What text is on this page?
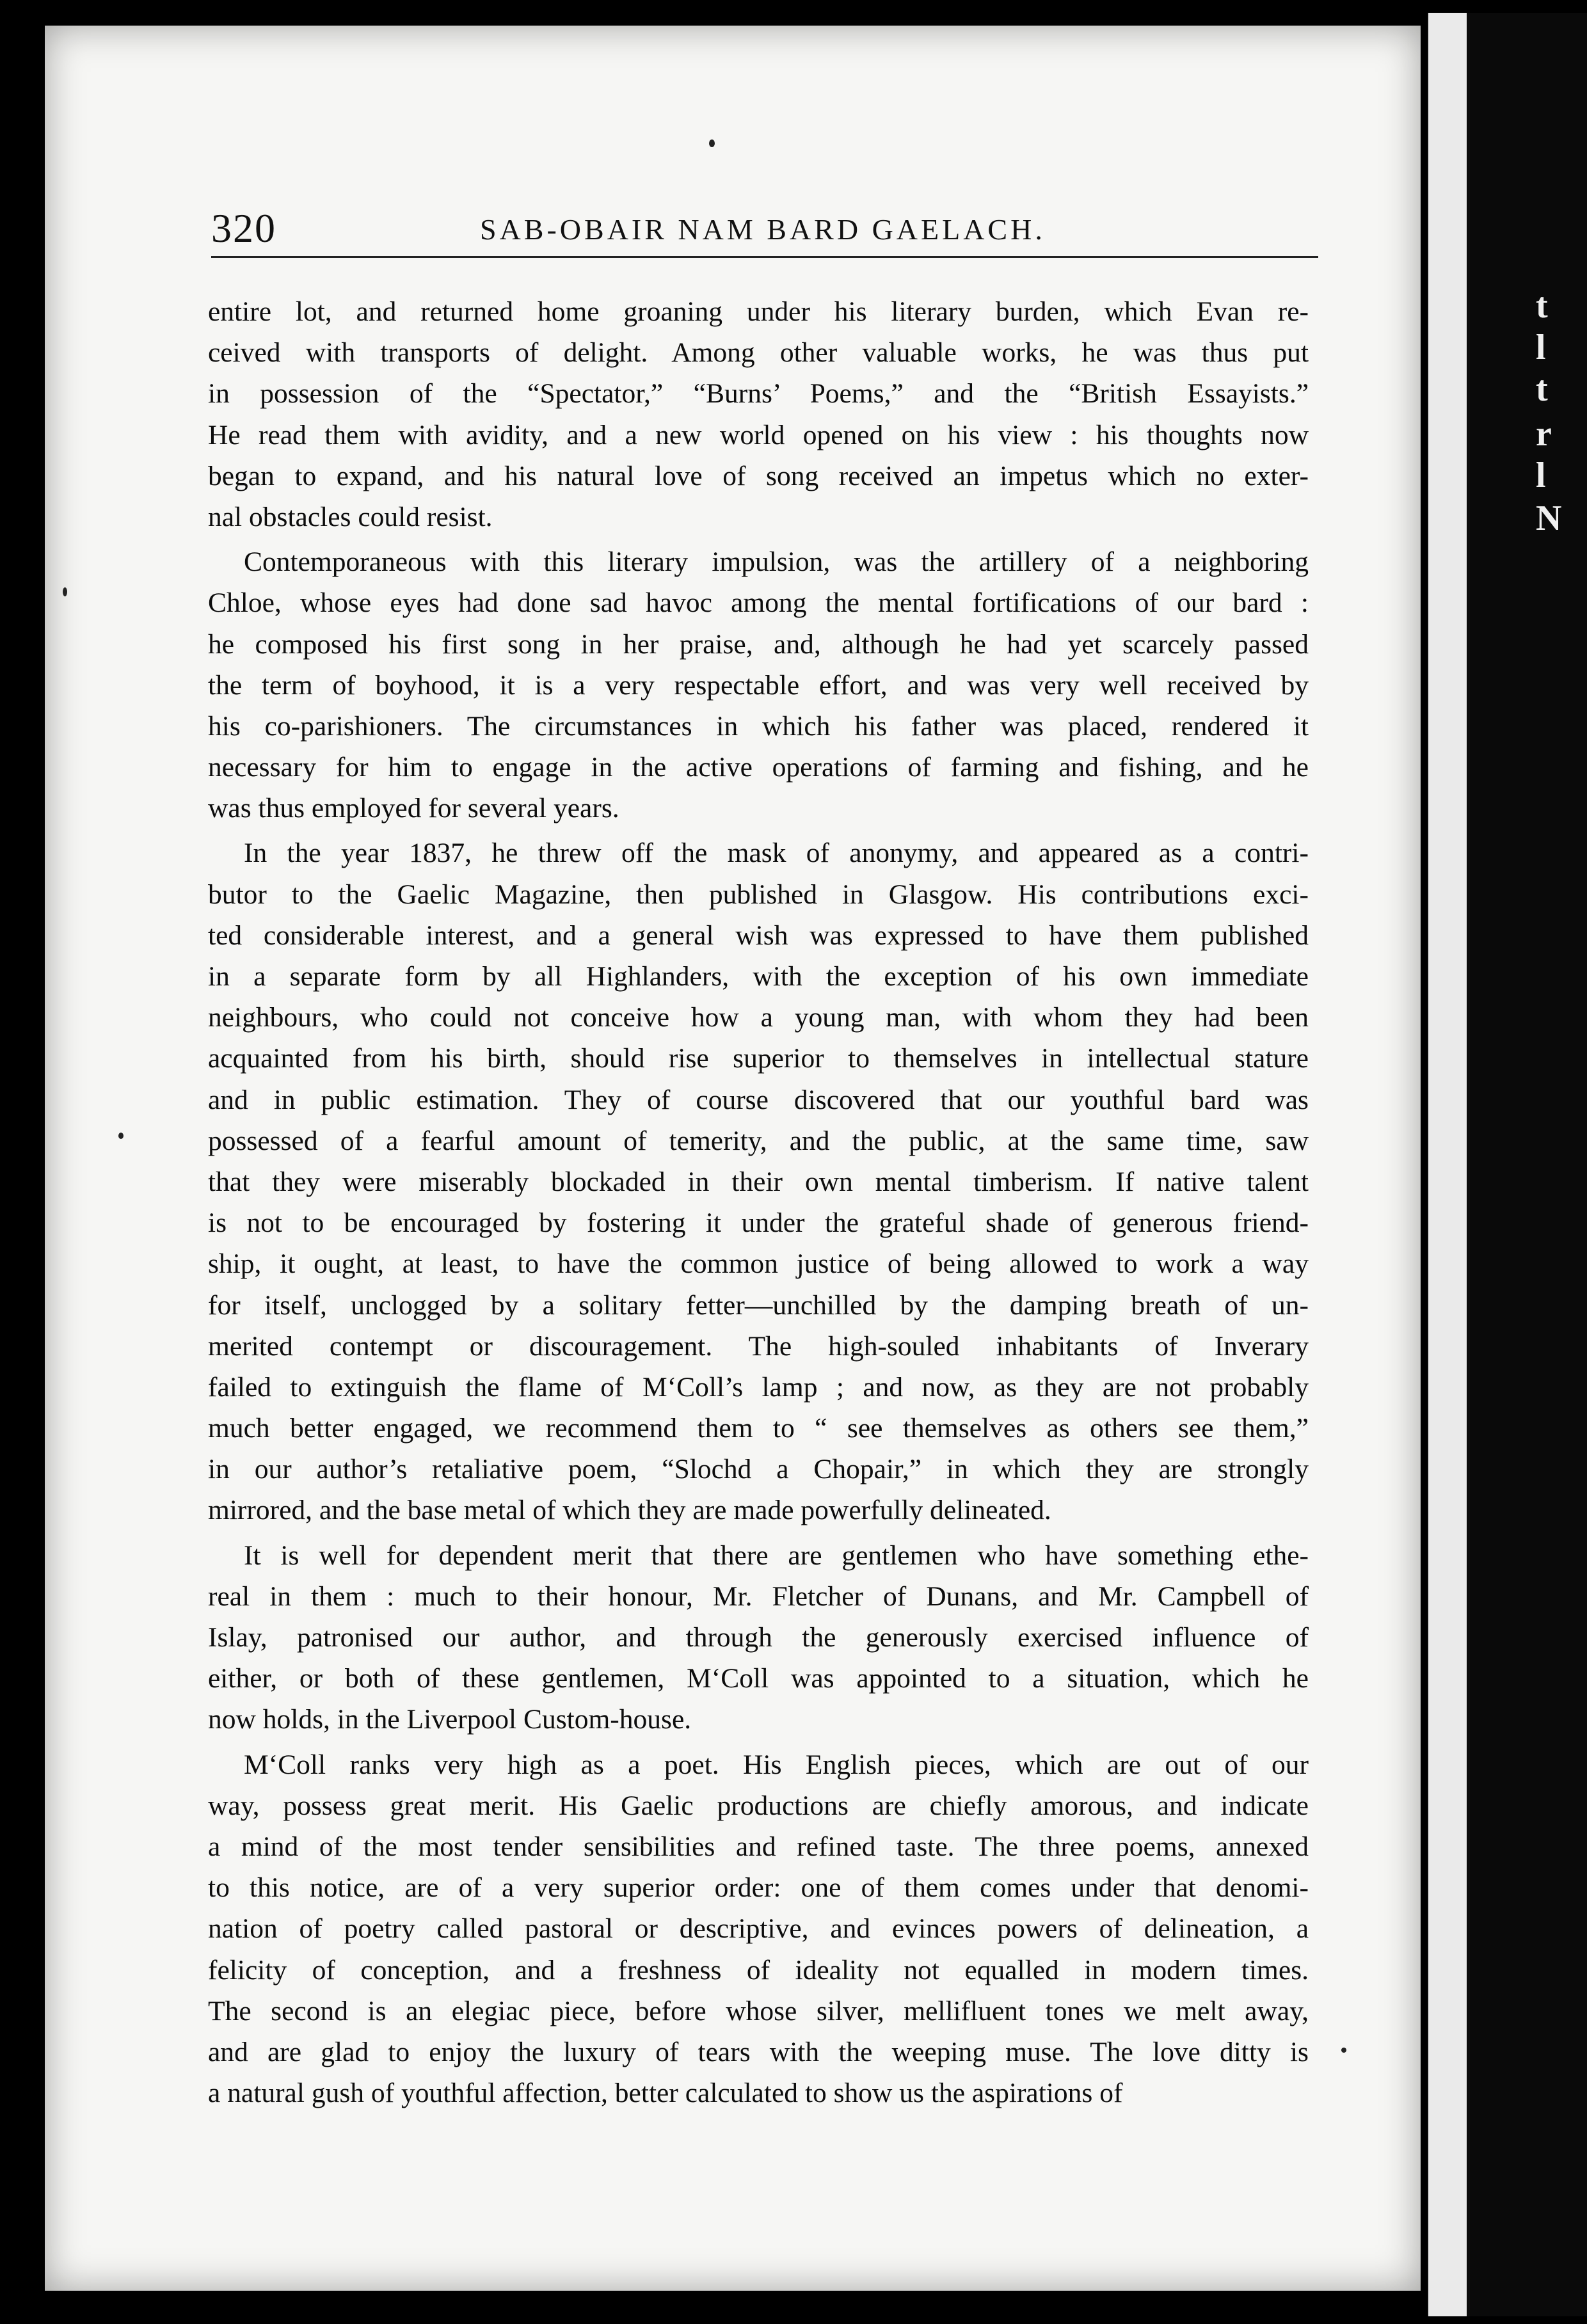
t
l
t
r
l
N
320	SAB-OBAIR NAM BARD GAELACH.
entire lot, and returned home groaning under his literary burden, which Evan re-
ceived with transports of delight. Among other valuable works, he was thus put
in possession of the “Spectator,” “Burns’ Poems,” and the “British Essayists.”
He read them with avidity, and a new world opened on his view : his thoughts now
began to expand, and his natural love of song received an impetus which no exter-
nal obstacles could resist.
Contemporaneous with this literary impulsion, was the artillery of a neighboring
Chloe, whose eyes had done sad havoc among the mental fortifications of our bard :
he composed his first song in her praise, and, although he had yet scarcely passed
the term of boyhood, it is a very respectable effort, and was very well received by
his co-parishioners. The circumstances in which his father was placed, rendered it
necessary for him to engage in the active operations of farming and fishing, and he
was thus employed for several years.
In the year 1837, he threw off the mask of anonymy, and appeared as a contri-
butor to the Gaelic Magazine, then published in Glasgow. His contributions exci-
ted considerable interest, and a general wish was expressed to have them published
in a separate form by all Highlanders, with the exception of his own immediate
neighbours, who could not conceive how a young man, with whom they had been
acquainted from his birth, should rise superior to themselves in intellectual stature
and in public estimation. They of course discovered that our youthful bard was
possessed of a fearful amount of temerity, and the public, at the same time, saw
that they were miserably blockaded in their own mental timberism. If native talent
is not to be encouraged by fostering it under the grateful shade of generous friend-
ship, it ought, at least, to have the common justice of being allowed to work a way
for itself, unclogged by a solitary fetter—unchilled by the damping breath of un-
merited contempt or discouragement. The high-souled inhabitants of Inverary
failed to extinguish the flame of M‘Coll’s lamp ; and now, as they are not probably
much better engaged, we recommend them to “ see themselves as others see them,”
in our author’s retaliative poem, “Slochd a Chopair,” in which they are strongly
mirrored, and the base metal of which they are made powerfully delineated.
It is well for dependent merit that there are gentlemen who have something ethe-
real in them : much to their honour, Mr. Fletcher of Dunans, and Mr. Campbell of
Islay, patronised our author, and through the generously exercised influence of
either, or both of these gentlemen, M‘Coll was appointed to a situation, which he
now holds, in the Liverpool Custom-house.
M‘Coll ranks very high as a poet. His English pieces, which are out of our
way, possess great merit. His Gaelic productions are chiefly amorous, and indicate
a mind of the most tender sensibilities and refined taste. The three poems, annexed
to this notice, are of a very superior order: one of them comes under that denomi-
nation of poetry called pastoral or descriptive, and evinces powers of delineation, a
felicity of conception, and a freshness of ideality not equalled in modern times.
The second is an elegiac piece, before whose silver, mellifluent tones we melt away,
and are glad to enjoy the luxury of tears with the weeping muse. The love ditty is
a natural gush of youthful affection, better calculated to show us the aspirations of
